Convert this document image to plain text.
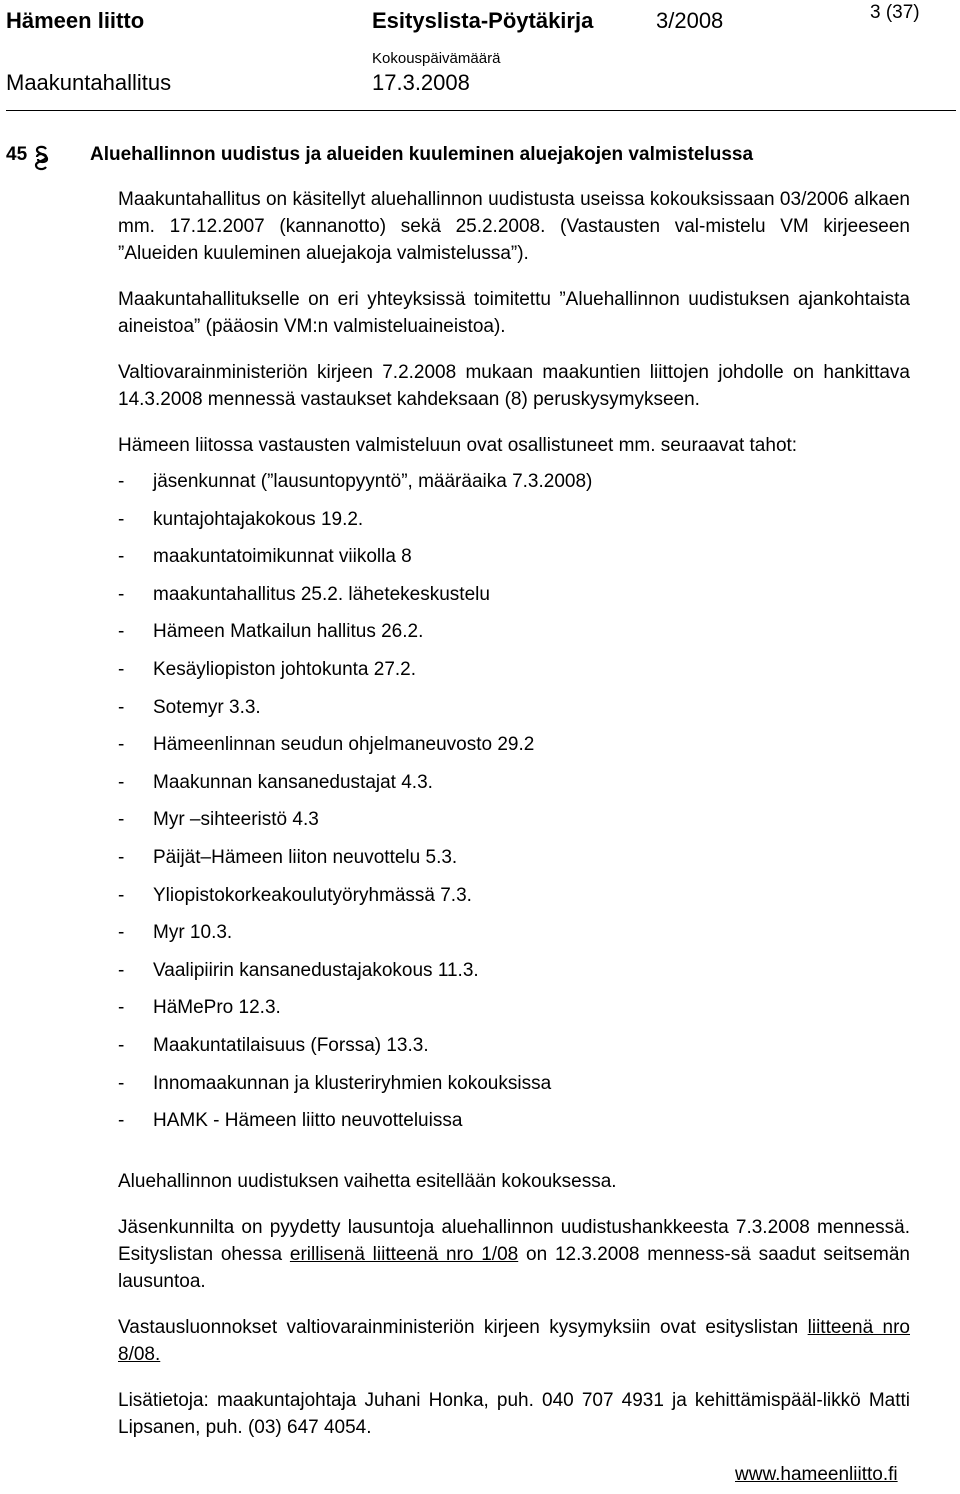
Hämeen liitto	Esityslista-Pöytäkirja	3/2008	3 (37)
Kokouspäivämäärä
Maakuntahallitus	17.3.2008
45	Aluehallinnon uudistus ja alueiden kuuleminen aluejakojen valmistelussa

Maakuntahallitus on käsitellyt aluehallinnon uudistusta useissa kokouksissaan 03/2006 alkaen mm. 17.12.2007 (kannanotto) sekä 25.2.2008. (Vastausten val-mistelu VM kirjeeseen ”Alueiden kuuleminen aluejakoja valmistelussa”).

Maakuntahallitukselle on eri yhteyksissä toimitettu ”Aluehallinnon uudistuksen ajankohtaista aineistoa” (pääosin VM:n valmisteluaineistoa).

Valtiovarainministeriön kirjeen 7.2.2008 mukaan maakuntien liittojen johdolle on hankittava 14.3.2008 mennessä vastaukset kahdeksaan (8) peruskysymykseen.

Hämeen liitossa vastausten valmisteluun ovat osallistuneet mm. seuraavat tahot:

-	jäsenkunnat (”lausuntopyyntö”, määräaika 7.3.2008)
-	kuntajohtajakokous 19.2.
-	maakuntatoimikunnat viikolla 8
-	maakuntahallitus 25.2. lähetekeskustelu
-	Hämeen Matkailun hallitus 26.2.
-	Kesäyliopiston johtokunta 27.2.
-	Sotemyr 3.3.
-	Hämeenlinnan seudun ohjelmaneuvosto 29.2
-	Maakunnan kansanedustajat 4.3.
-	Myr –sihteeristö 4.3
-	Päijät–Hämeen liiton neuvottelu 5.3.
-	Yliopistokorkeakoulutyöryhmässä 7.3.
-	Myr 10.3.
-	Vaalipiirin kansanedustajakokous 11.3.
-	HäMePro 12.3.
-	Maakuntatilaisuus (Forssa) 13.3.
-	Innomaakunnan ja klusteriryhmien kokouksissa
-	HAMK - Hämeen liitto neuvotteluissa

Aluehallinnon uudistuksen vaihetta esitellään kokouksessa.

Jäsenkunnilta on pyydetty lausuntoja aluehallinnon uudistushankkeesta 7.3.2008 mennessä. Esityslistan ohessa erillisenä liitteenä nro 1/08 on 12.3.2008 menness-sä saadut seitsemän lausuntoa.

Vastausluonnokset valtiovarainministeriön kirjeen kysymyksiin ovat esityslistan liitteenä nro 8/08.

Lisätietoja: maakuntajohtaja Juhani Honka, puh. 040 707 4931 ja kehittämispääl-likkö Matti Lipsanen, puh. (03) 647 4054.

www.hameenliitto.fi
